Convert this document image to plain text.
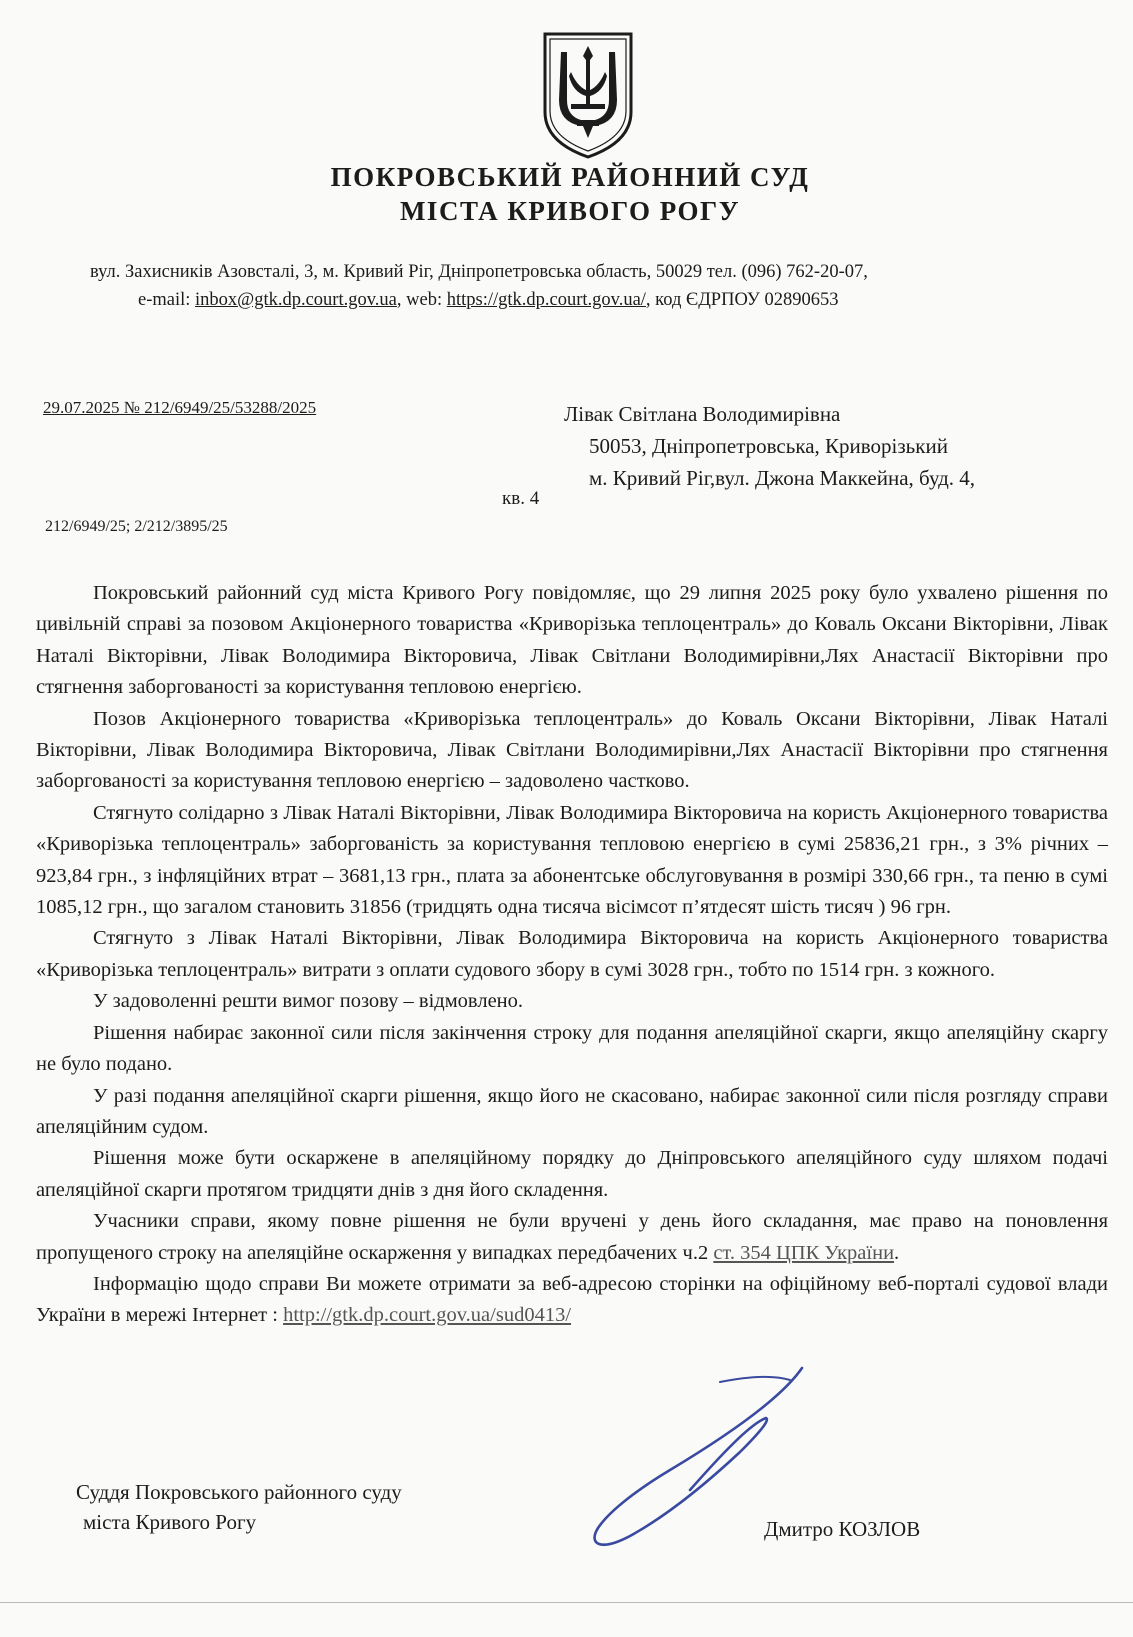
ПОКРОВСЬКИЙ РАЙОННИЙ СУД
МІСТА КРИВОГО РОГУ
вул. Захисників Азовсталі, 3, м. Кривий Ріг, Дніпропетровська область, 50029 тел. (096) 762-20-07,
e-mail: inbox@gtk.dp.court.gov.ua, web: https://gtk.dp.court.gov.ua/, код ЄДРПОУ 02890653
29.07.2025 № 212/6949/25/53288/2025	Лівак Світлана Володимирівна
50053, Дніпропетровська, Криворізький
м. Кривий Ріг,вул. Джона Маккейна, буд. 4,
кв. 4
212/6949/25; 2/212/3895/25

Покровський районний суд міста Кривого Рогу повідомляє, що 29 липня 2025 року було ухвалено рішення по цивільній справі за позовом Акціонерного товариства «Криворізька теплоцентраль» до Коваль Оксани Вікторівни, Лівак Наталі Вікторівни, Лівак Володимира Вікторовича, Лівак Світлани Володимирівни,Лях Анастасії Вікторівни про стягнення заборгованості за користування тепловою енергією.

Позов Акціонерного товариства «Криворізька теплоцентраль» до Коваль Оксани Вікторівни, Лівак Наталі Вікторівни, Лівак Володимира Вікторовича, Лівак Світлани Володимирівни,Лях Анастасії Вікторівни про стягнення заборгованості за користування тепловою енергією – задоволено частково.

Стягнуто солідарно з Лівак Наталі Вікторівни, Лівак Володимира Вікторовича на користь Акціонерного товариства «Криворізька теплоцентраль» заборгованість за користування тепловою енергією в сумі 25836,21 грн., з 3% річних – 923,84 грн., з інфляційних втрат – 3681,13 грн., плата за абонентське обслуговування в розмірі 330,66 грн., та пеню в сумі 1085,12 грн., що загалом становить 31856 (тридцять одна тисяча вісімсот п’ятдесят шість тисяч ) 96 грн.

Стягнуто з Лівак Наталі Вікторівни, Лівак Володимира Вікторовича на користь Акціонерного товариства «Криворізька теплоцентраль» витрати з оплати судового збору в сумі 3028 грн., тобто по 1514 грн. з кожного.

У задоволенні решти вимог позову – відмовлено.

Рішення набирає законної сили після закінчення строку для подання апеляційної скарги, якщо апеляційну скаргу не було подано.

У разі подання апеляційної скарги рішення, якщо його не скасовано, набирає законної сили після розгляду справи апеляційним судом.

Рішення може бути оскаржене в апеляційному порядку до Дніпровського апеляційного суду шляхом подачі апеляційної скарги протягом тридцяти днів з дня його складення.

Учасники справи, якому повне рішення не були вручені у день його складання, має право на поновлення пропущеного строку на апеляційне оскарження у випадках передбачених ч.2 ст. 354 ЦПК України.

Інформацію щодо справи Ви можете отримати за веб-адресою сторінки на офіційному веб-порталі судової влади України в мережі Інтернет : http://gtk.dp.court.gov.ua/sud0413/

Суддя Покровського районного суду
міста Кривого Рогу	Дмитро КОЗЛОВ
